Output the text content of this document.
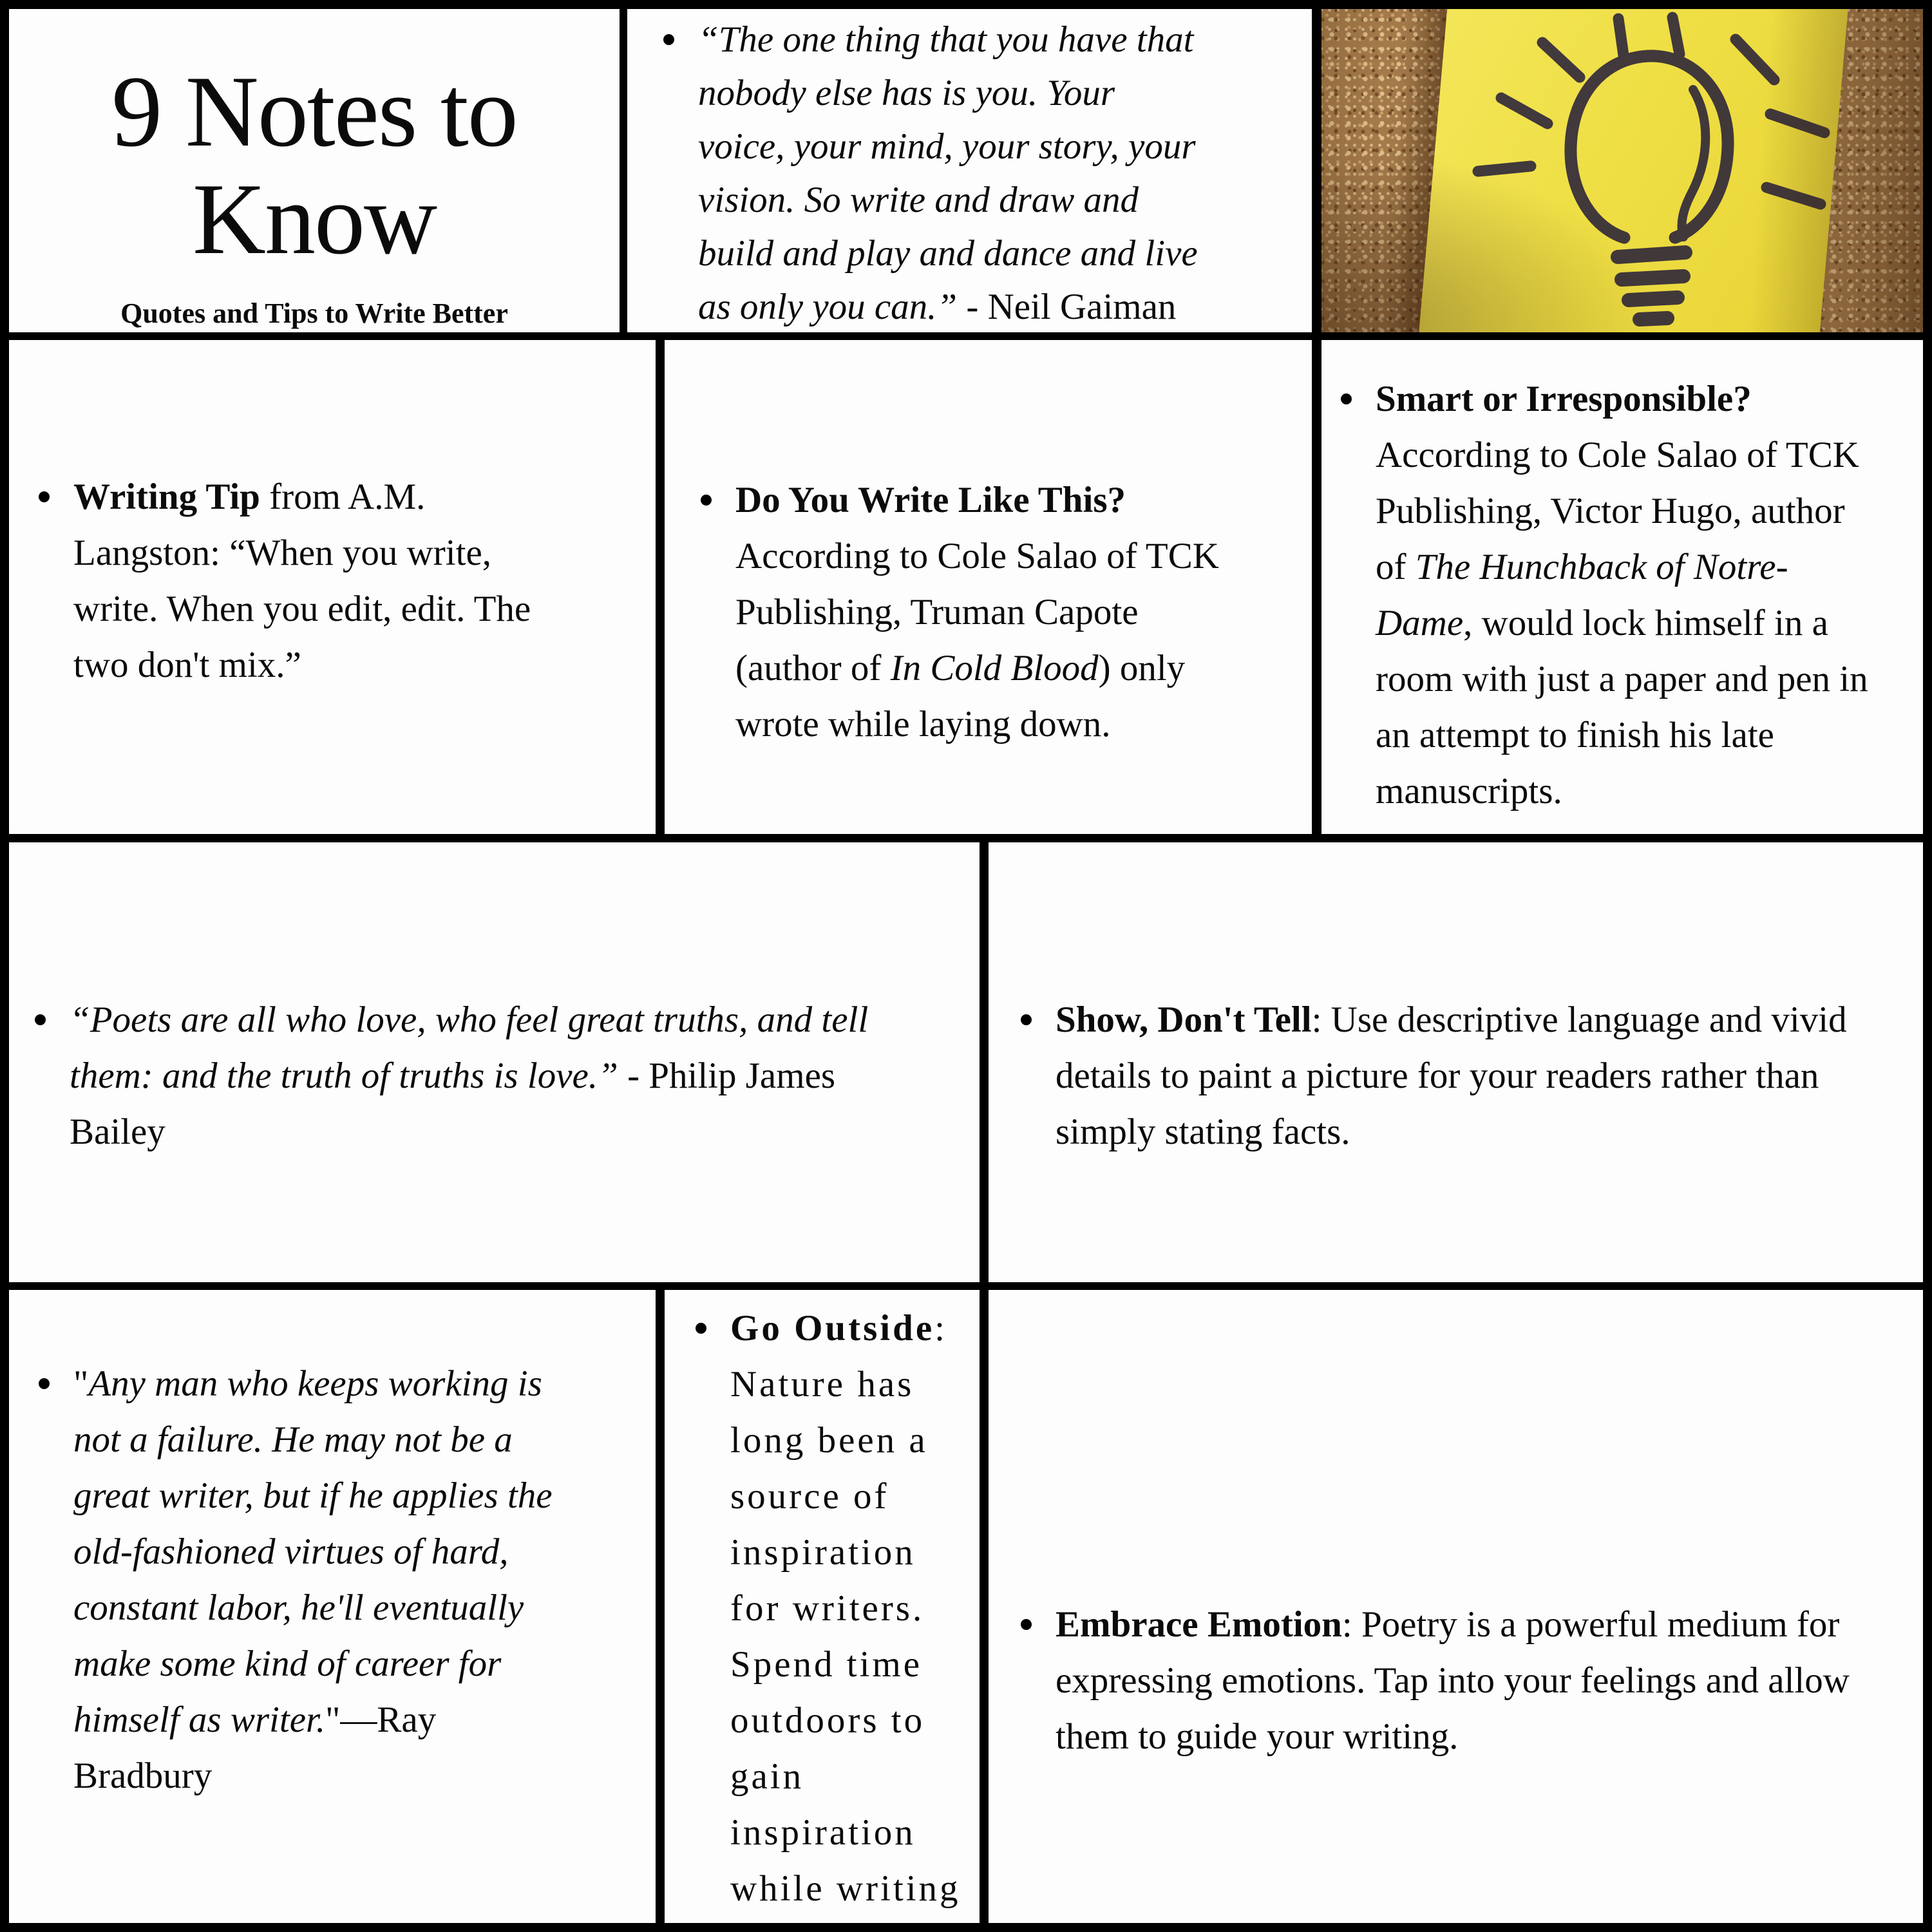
9 Notes to
Know

Quotes and Tips to Write Better

“The one thing that you have that
nobody else has is you. Your
voice, your mind, your story, your
vision. So write and draw and
build and play and dance and live
as only you can.” - Neil Gaiman
Writing Tip from A.M.
Langston: “When you write,
write. When you edit, edit. The
two don't mix.”
Do You Write Like This?
According to Cole Salao of TCK
Publishing, Truman Capote
(author of In Cold Blood) only
wrote while laying down.
Smart or Irresponsible?
According to Cole Salao of TCK
Publishing, Victor Hugo, author
of The Hunchback of Notre-
Dame, would lock himself in a
room with just a paper and pen in
an attempt to finish his late
manuscripts.
“Poets are all who love, who feel great truths, and tell
them: and the truth of truths is love.” - Philip James
Bailey
Show, Don't Tell: Use descriptive language and vivid
details to paint a picture for your readers rather than
simply stating facts.
"Any man who keeps working is
not a failure. He may not be a
great writer, but if he applies the
old-fashioned virtues of hard,
constant labor, he'll eventually
make some kind of career for
himself as writer."—Ray
Bradbury
Go Outside:
Nature has
long been a
source of
inspiration
for writers.
Spend time
outdoors to
gain
inspiration
while writing
Embrace Emotion: Poetry is a powerful medium for
expressing emotions. Tap into your feelings and allow
them to guide your writing.
